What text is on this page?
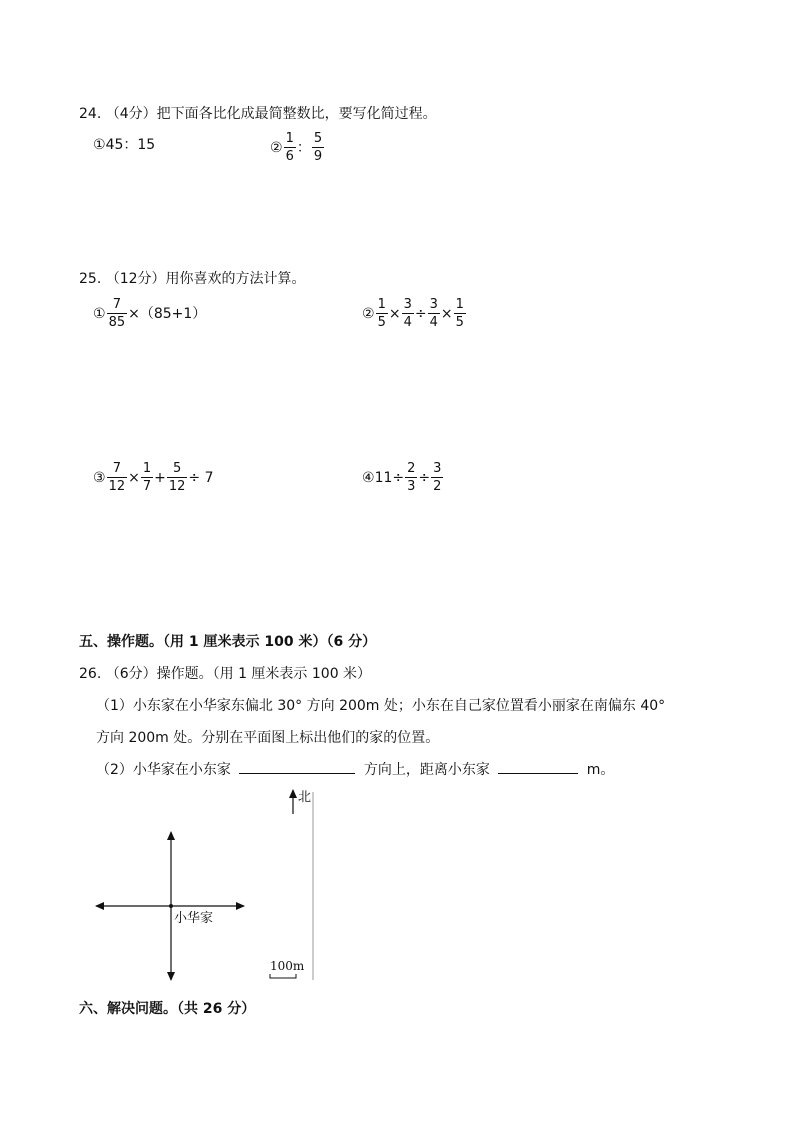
24. （4分）把下面各比化成最简整数比，要写化简过程。
① 45：15	② $\frac{1}{6}$ ： $\frac{5}{9}$
25. （12分）用你喜欢的方法计算。
① $\frac{7}{85} \times(85+1)$	② $\frac{1}{5} \times \frac{3}{4} \div \frac{3}{4} \times \frac{1}{5}$
③ $\frac{7}{12} \times \frac{1}{7} + \frac{5}{12} \div 7$	④ $11\div \frac{2}{3} \div \frac{3}{2}$
五、操作题。（用 1 厘米表示 100 米）（6 分）
26. （6分）操作题。（用 1 厘米表示 100 米）
（1）小东家在小华家东偏北 30° 方向 200m 处；小东在自己家位置看小丽家在南偏东 40°
方向 200m 处。分别在平面图上标出他们的家的位置。
（2）小华家在小东家	方向上，距离小东家	m。
北
小华家
100m
六、解决问题。（共 26 分）
